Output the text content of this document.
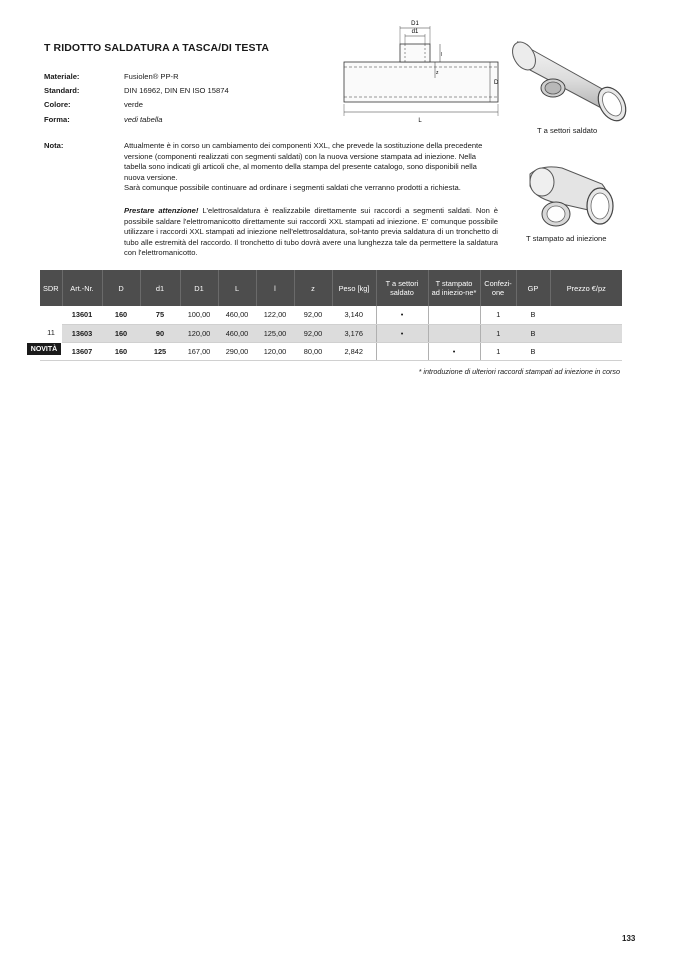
T RIDOTTO SALDATURA A TASCA/DI TESTA
Materiale:	Fusiolen® PP-R
Standard:	DIN 16962, DIN EN ISO 15874
Colore:	verde
Forma:	vedi tabella
Nota:	Attualmente è in corso un cambiamento dei componenti XXL, che prevede la sostituzione della precedente versione (componenti realizzati con segmenti saldati) con la nuova versione stampata ad iniezione. Nella tabella sono indicati gli articoli che, al momento della stampa del presente catalogo, sono disponibili nella nuova versione.

Sarà comunque possibile continuare ad ordinare i segmenti saldati che verranno prodotti a richiesta.

Prestare attenzione! L'elettrosaldatura è realizzabile direttamente sui raccordi a segmenti saldati. Non è possibile saldare l'elettromanicotto direttamente sui raccordi XXL stampati ad iniezione. E' comunque possibile utilizzare i raccordi XXL stampati ad iniezione nell'elettrosaldatura, sol-tanto previa saldatura di un tronchetto di tubo alle estremità del raccordo. Il tronchetto di tubo dovrà avere una lunghezza tale da permettere la saldatura con l'elettromanicotto.
D1
d1
D
L
z
l
T a settori saldato
T stampato ad iniezione
SDR	Art.-Nr.	D	d1	D1	L	l	z	Peso [kg]	T a settori saldato	T stampato ad iniezio-ne*	Confezi-one	GP	Prezzo €/pz
11	13601	160	75	100,00	460,00	122,00	92,00	3,140	•		1	B	
	13603	160	90	120,00	460,00	125,00	92,00	3,176	•		1	B	
	13607	160	125	167,00	290,00	120,00	80,00	2,842		•	1	B	
NOVITÀ
* introduzione di ulteriori raccordi stampati ad iniezione in corso
133
